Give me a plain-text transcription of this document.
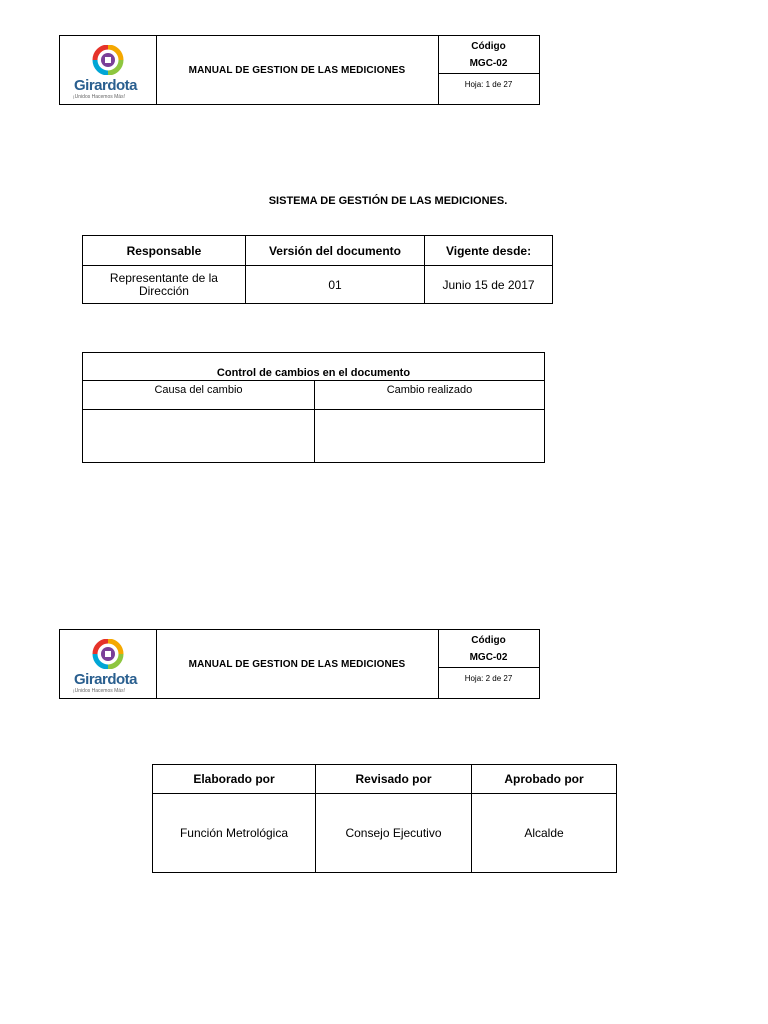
Girardota
¡Unidos Hacemos Más!
MANUAL DE GESTION DE LAS MEDICIONES
Código
MGC-02
Hoja: 1 de 27
SISTEMA DE GESTIÓN DE LAS MEDICIONES.
Responsable	Versión del documento	Vigente desde:

Representante de la Dirección	01	Junio 15 de 2017
Control de cambios en el documento	
Causa del cambio	Cambio realizado

Girardota
¡Unidos Hacemos Más!
MANUAL DE GESTION DE LAS MEDICIONES
Código
MGC-02
Hoja: 2 de 27
Elaborado por	Revisado por	Aprobado por
Función Metrológica	Consejo Ejecutivo	Alcalde
